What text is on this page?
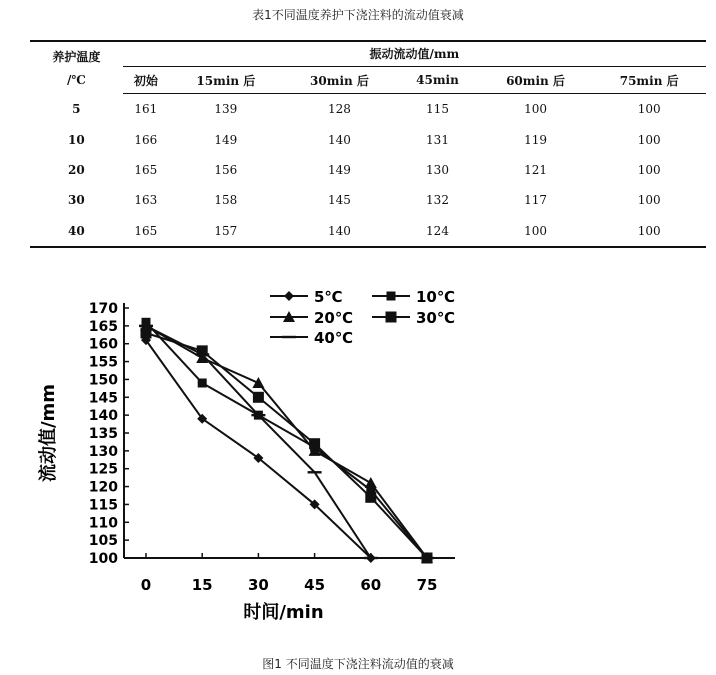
表1不同温度养护下浇注料的流动值衰减
养护温度
/℃	振动流动值/mm					
	初始	15min 后	30min 后	45min	60min 后	75min 后
5	161	139	128	115	100	100
10	166	149	140	131	119	100
20	165	156	149	130	121	100
30	163	158	145	132	117	100
40	165	157	140	124	100	100
100
105
110
115
120
125
130
135
140
145
150
155
160
165
170
0	15 30 45 60 75
时间/min
流动值/mm
5℃	10℃
20℃	30℃
40℃
图1 不同温度下浇注料流动值的衰减
